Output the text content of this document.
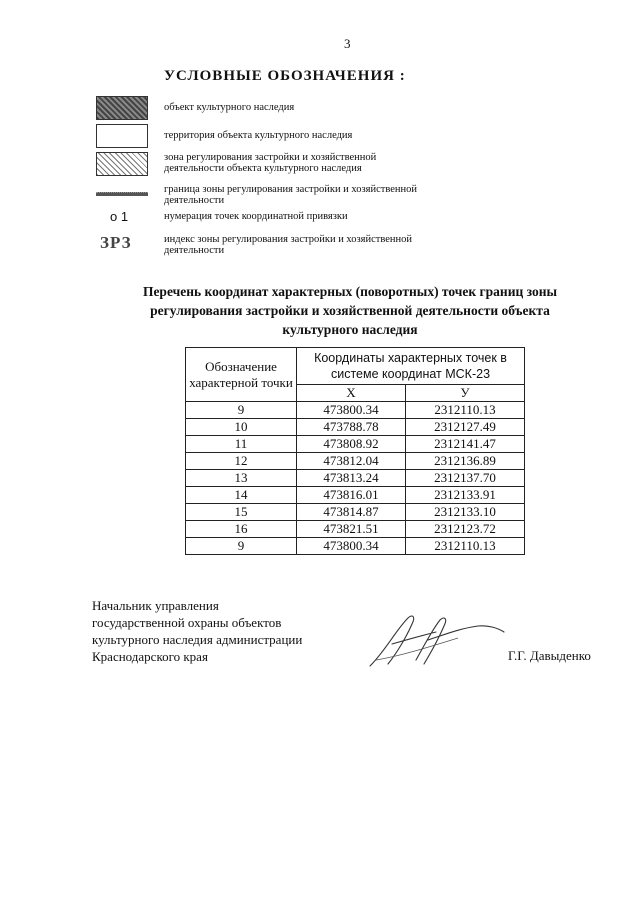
3
УСЛОВНЫЕ ОБОЗНАЧЕНИЯ :
объект культурного наследия
территория объекта культурного наследия
зона регулирования застройки и хозяйственной деятельности объекта культурного наследия
граница зоны регулирования застройки и хозяйственной деятельности
o 1	нумерация точек координатной привязки
ЗРЗ	индекс зоны регулирования застройки и хозяйственной деятельности
Перечень координат характерных (поворотных) точек границ зоны
регулирования застройки и хозяйственной деятельности объекта
культурного наследия
Обозначение характерной точки	Координаты характерных точек в системе координат МСК-23	
	X	У
9	473800.34	2312110.13
10	473788.78	2312127.49
11	473808.92	2312141.47
12	473812.04	2312136.89
13	473813.24	2312137.70
14	473816.01	2312133.91
15	473814.87	2312133.10
16	473821.51	2312123.72
9	473800.34	2312110.13
Начальник управления
государственной охраны объектов
культурного наследия администрации
Краснодарского края	Г.Г. Давыденко
